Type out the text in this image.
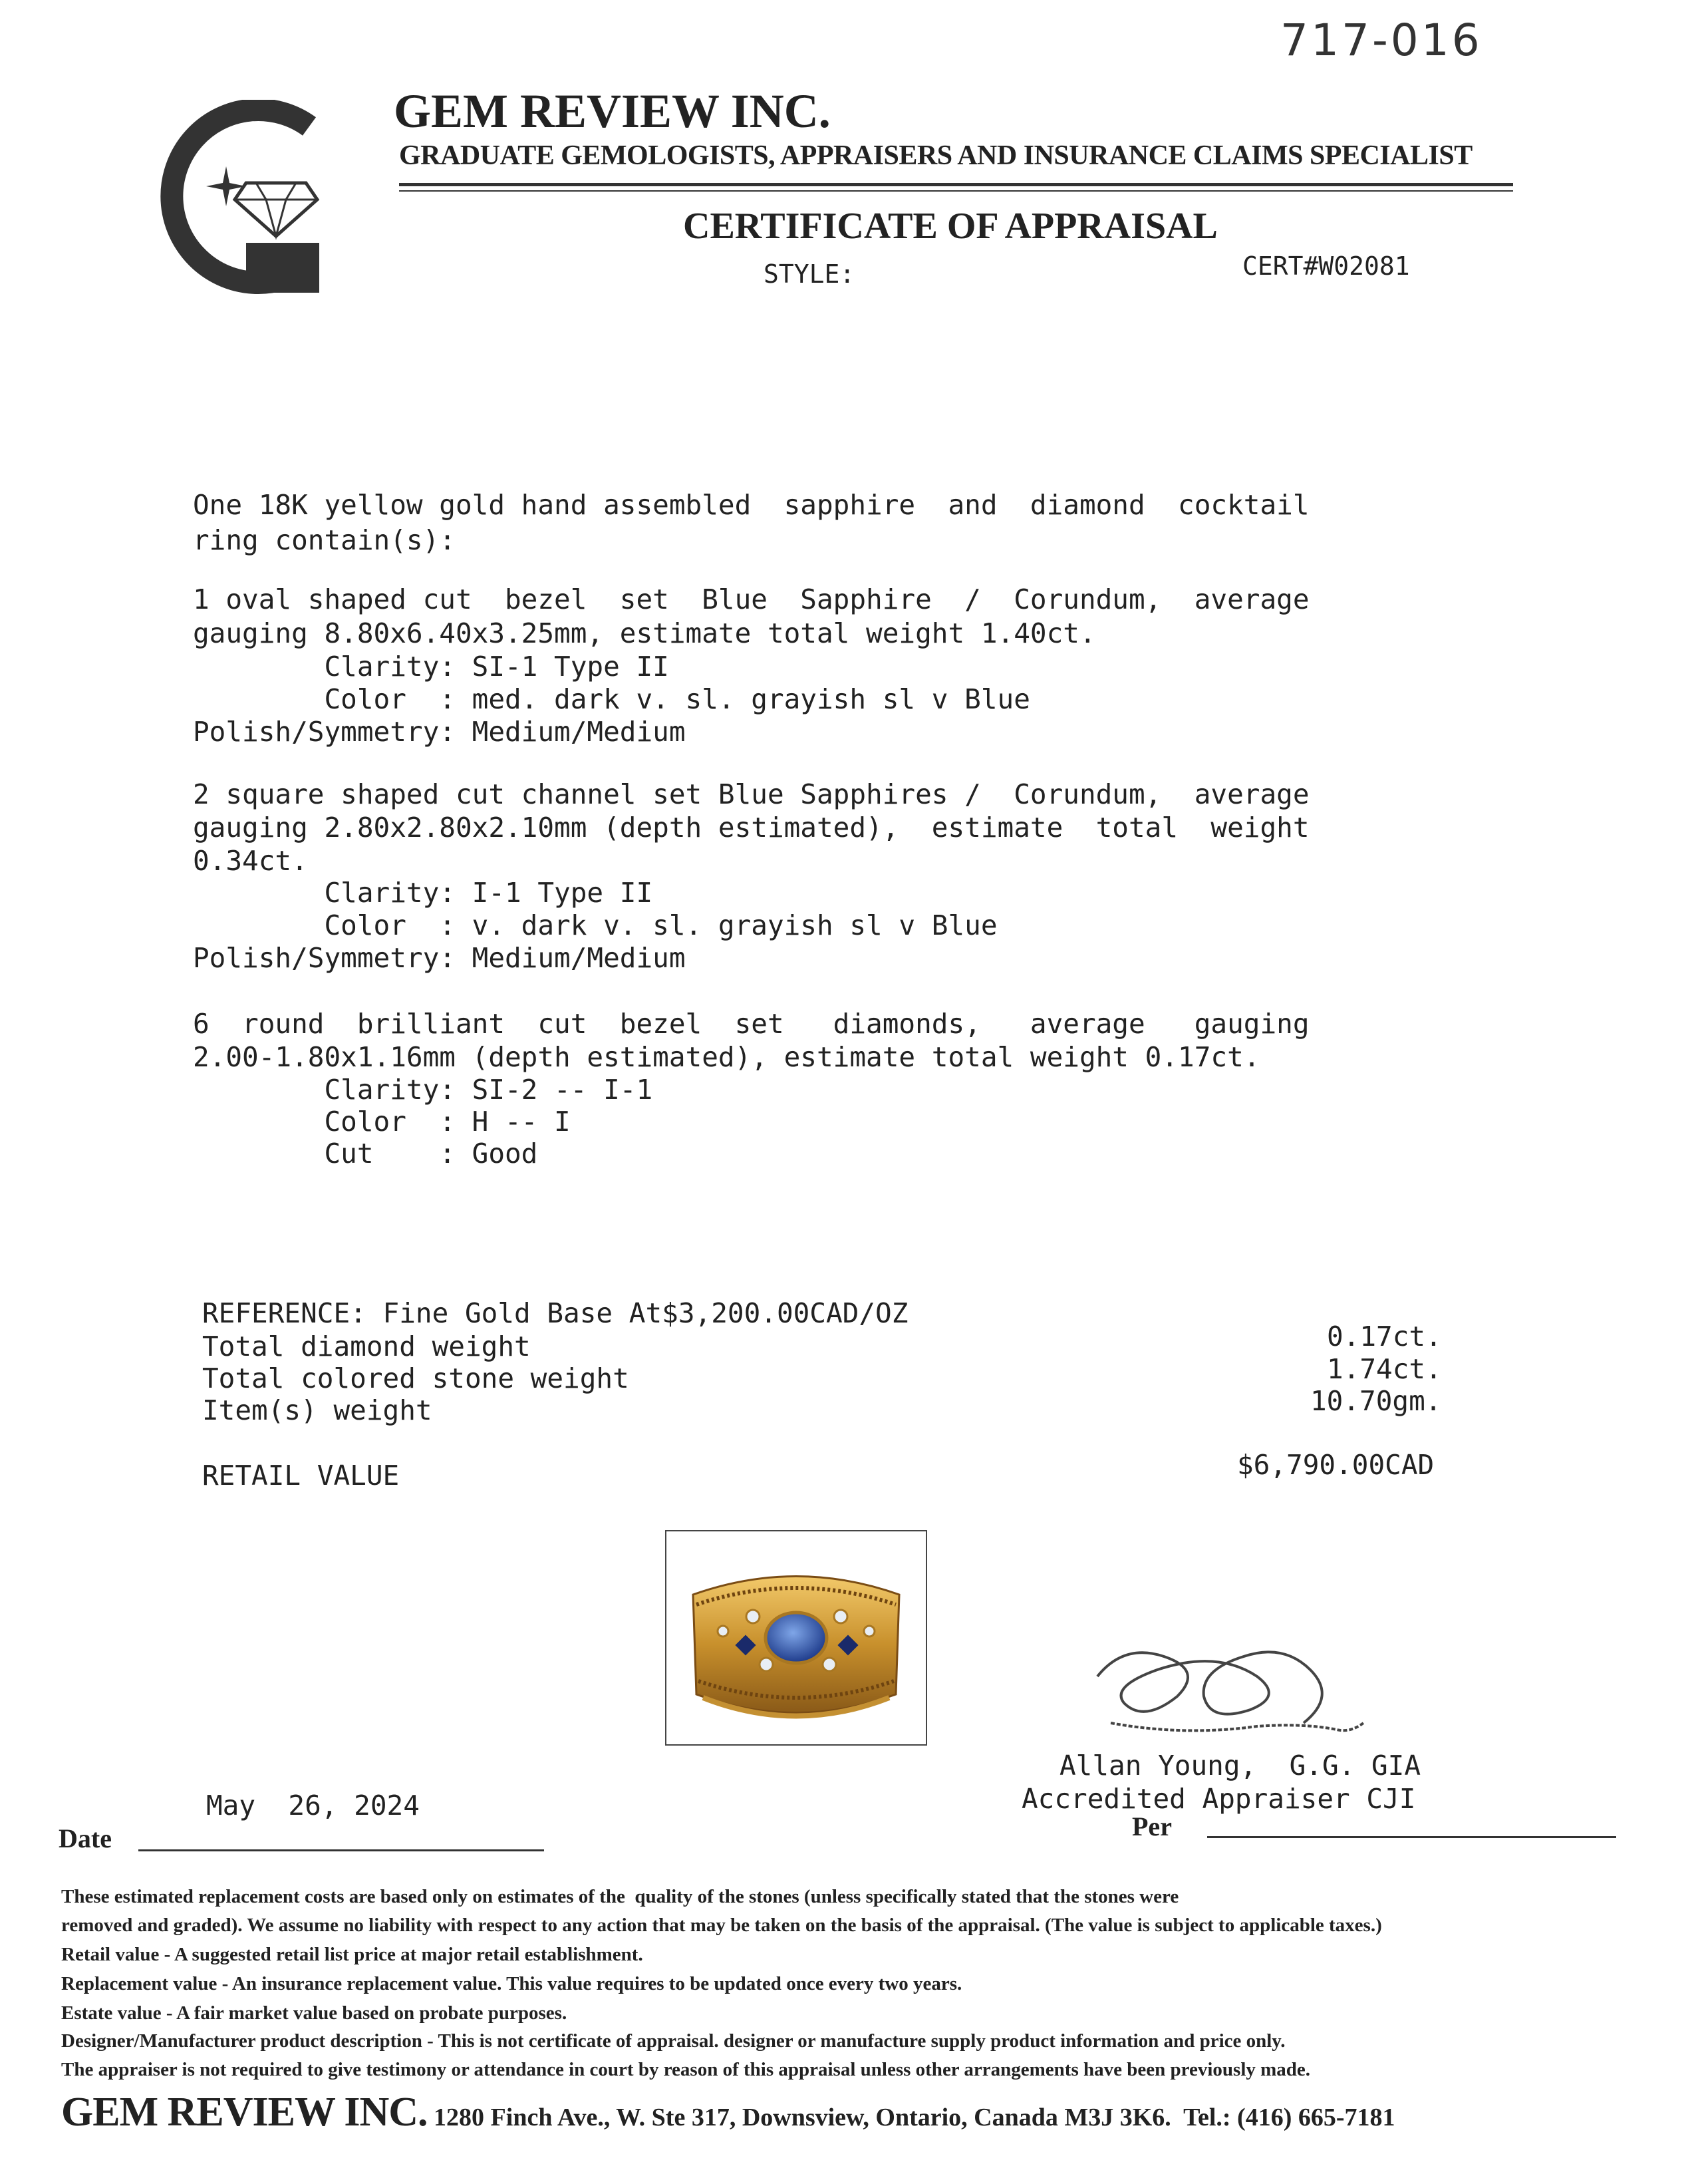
717-016
GEM REVIEW INC.
GRADUATE GEMOLOGISTS, APPRAISERS AND INSURANCE CLAIMS SPECIALIST
CERTIFICATE OF APPRAISAL
STYLE:	CERT#W02081
One 18K yellow gold hand assembled  sapphire  and  diamond  cocktail
ring contain(s):
1 oval shaped cut  bezel  set  Blue  Sapphire  /  Corundum,  average
gauging 8.80x6.40x3.25mm, estimate total weight 1.40ct.
Clarity: SI-1 Type II
Color  : med. dark v. sl. grayish sl v Blue
Polish/Symmetry: Medium/Medium
2 square shaped cut channel set Blue Sapphires /  Corundum,  average
gauging 2.80x2.80x2.10mm (depth estimated),  estimate  total  weight
0.34ct.
Clarity: I-1 Type II
Color  : v. dark v. sl. grayish sl v Blue
Polish/Symmetry: Medium/Medium
6  round  brilliant  cut  bezel  set   diamonds,   average   gauging
2.00-1.80x1.16mm (depth estimated), estimate total weight 0.17ct.
Clarity: SI-2 -- I-1
Color  : H -- I
Cut    : Good
REFERENCE: Fine Gold Base At$3,200.00CAD/OZ
Total diamond weight	0.17ct.
Total colored stone weight	1.74ct.
Item(s) weight	10.70gm.
RETAIL VALUE	$6,790.00CAD
Allan Young,  G.G. GIA
Accredited Appraiser CJI
May  26, 2024
Date	Per
These estimated replacement costs are based only on estimates of the  quality of the stones (unless specifically stated that the stones were
removed and graded). We assume no liability with respect to any action that may be taken on the basis of the appraisal. (The value is subject to applicable taxes.)
Retail value - A suggested retail list price at major retail establishment.
Replacement value - An insurance replacement value. This value requires to be updated once every two years.
Estate value - A fair market value based on probate purposes.
Designer/Manufacturer product description - This is not certificate of appraisal. designer or manufacture supply product information and price only.
The appraiser is not required to give testimony or attendance in court by reason of this appraisal unless other arrangements have been previously made.
GEM REVIEW INC. 1280 Finch Ave., W. Ste 317, Downsview, Ontario, Canada M3J 3K6.  Tel.: (416) 665-7181
